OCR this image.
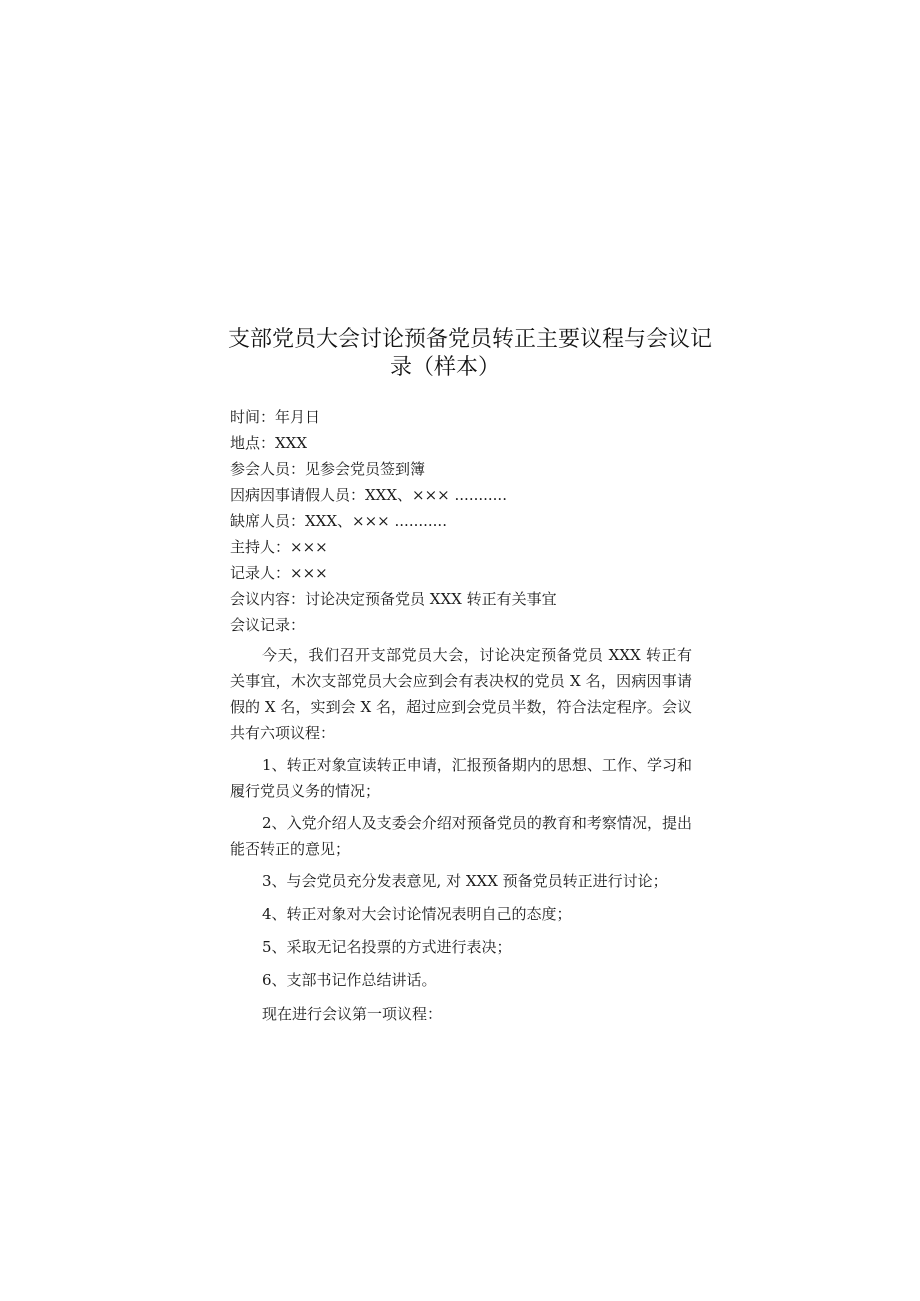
支部党员大会讨论预备党员转正主要议程与会议记
录（样本）
时间：年月日
地点：XXX
参会人员：见参会党员签到簿
因病因事请假人员：XXX、××× ...........
缺席人员：XXX、××× ...........
主持人：×××
记录人：×××
会议内容：讨论决定预备党员 XXX 转正有关事宜
会议记录：

今天，我们召开支部党员大会，讨论决定预备党员 XXX 转正有关事宜，木次支部党员大会应到会有表决权的党员 X 名，因病因事请假的 X 名，实到会 X 名，超过应到会党员半数，符合法定程序。会议共有六项议程：

1、转正对象宣读转正申请，汇报预备期内的思想、工作、学习和履行党员义务的情况；

2、入党介绍人及支委会介绍对预备党员的教育和考察情况，提出能否转正的意见；

3、与会党员充分发表意见, 对 XXX 预备党员转正进行讨论；

4、转正对象对大会讨论情况表明自己的态度；

5、采取无记名投票的方式进行表决；

6、支部书记作总结讲话。

现在进行会议第一项议程：
